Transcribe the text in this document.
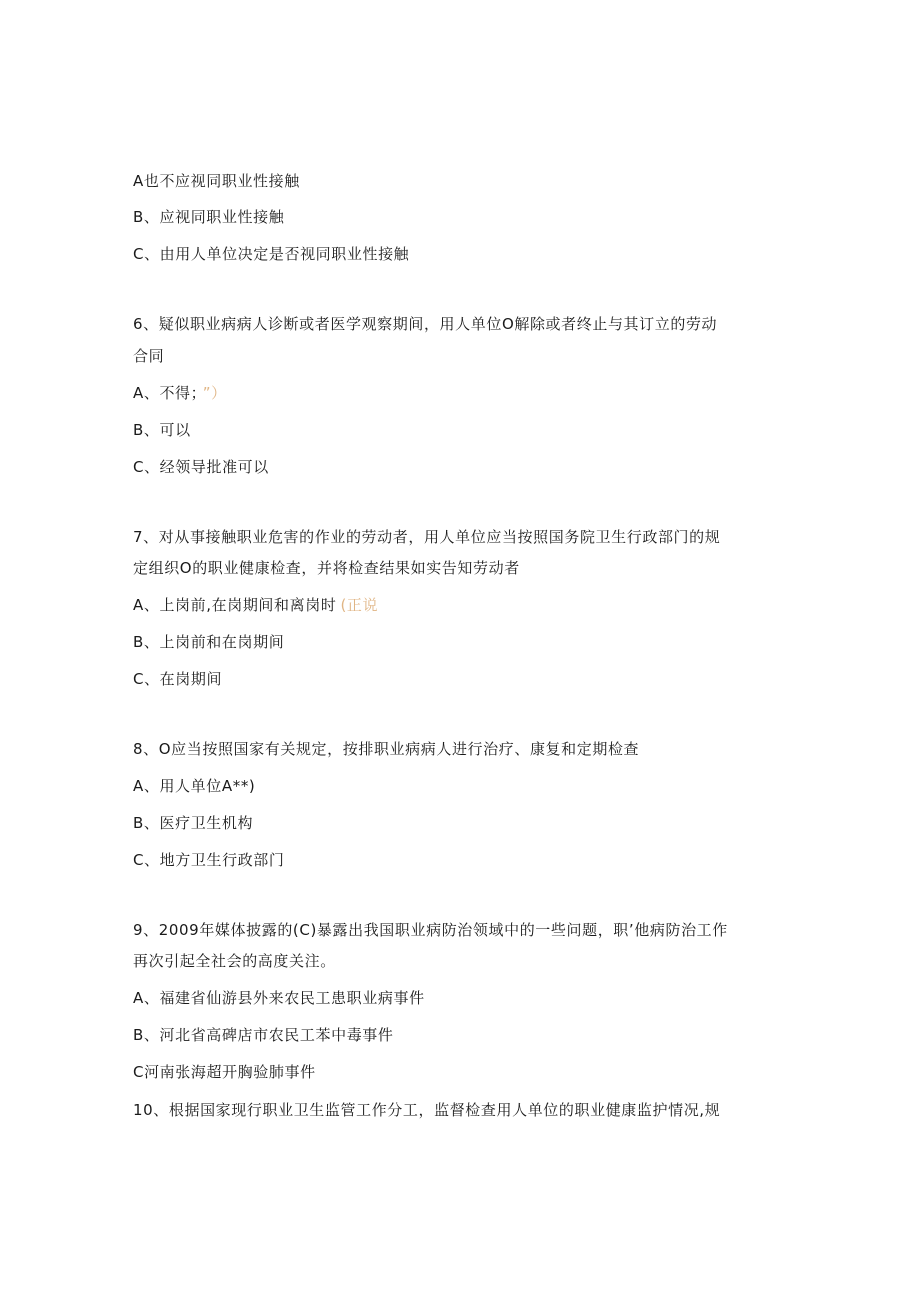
A也不应视同职业性接触
B、应视同职业性接触
C、由用人单位决定是否视同职业性接触
6、疑似职业病病人诊断或者医学观察期间，用人单位O解除或者终止与其订立的劳动
合同
A、不得； ”）
B、可以
C、经领导批准可以
7、对从事接触职业危害的作业的劳动者，用人单位应当按照国务院卫生行政部门的规
定组织O的职业健康检查，并将检查结果如实告知劳动者
A、上岗前,在岗期间和离岗时 (正说
B、上岗前和在岗期间
C、在岗期间
8、O应当按照国家有关规定，按排职业病病人进行治疗、康复和定期检查
A、用人单位A**)
B、医疗卫生机构
C、地方卫生行政部门
9、2009年媒体披露的(C)暴露出我国职业病防治领域中的一些问题，职’他病防治工作
再次引起全社会的高度关注。
A、福建省仙游县外来农民工患职业病事件
B、河北省高碑店市农民工苯中毒事件
C河南张海超开胸验肺事件
10、根据国家现行职业卫生监管工作分工，监督检查用人单位的职业健康监护情况,规
